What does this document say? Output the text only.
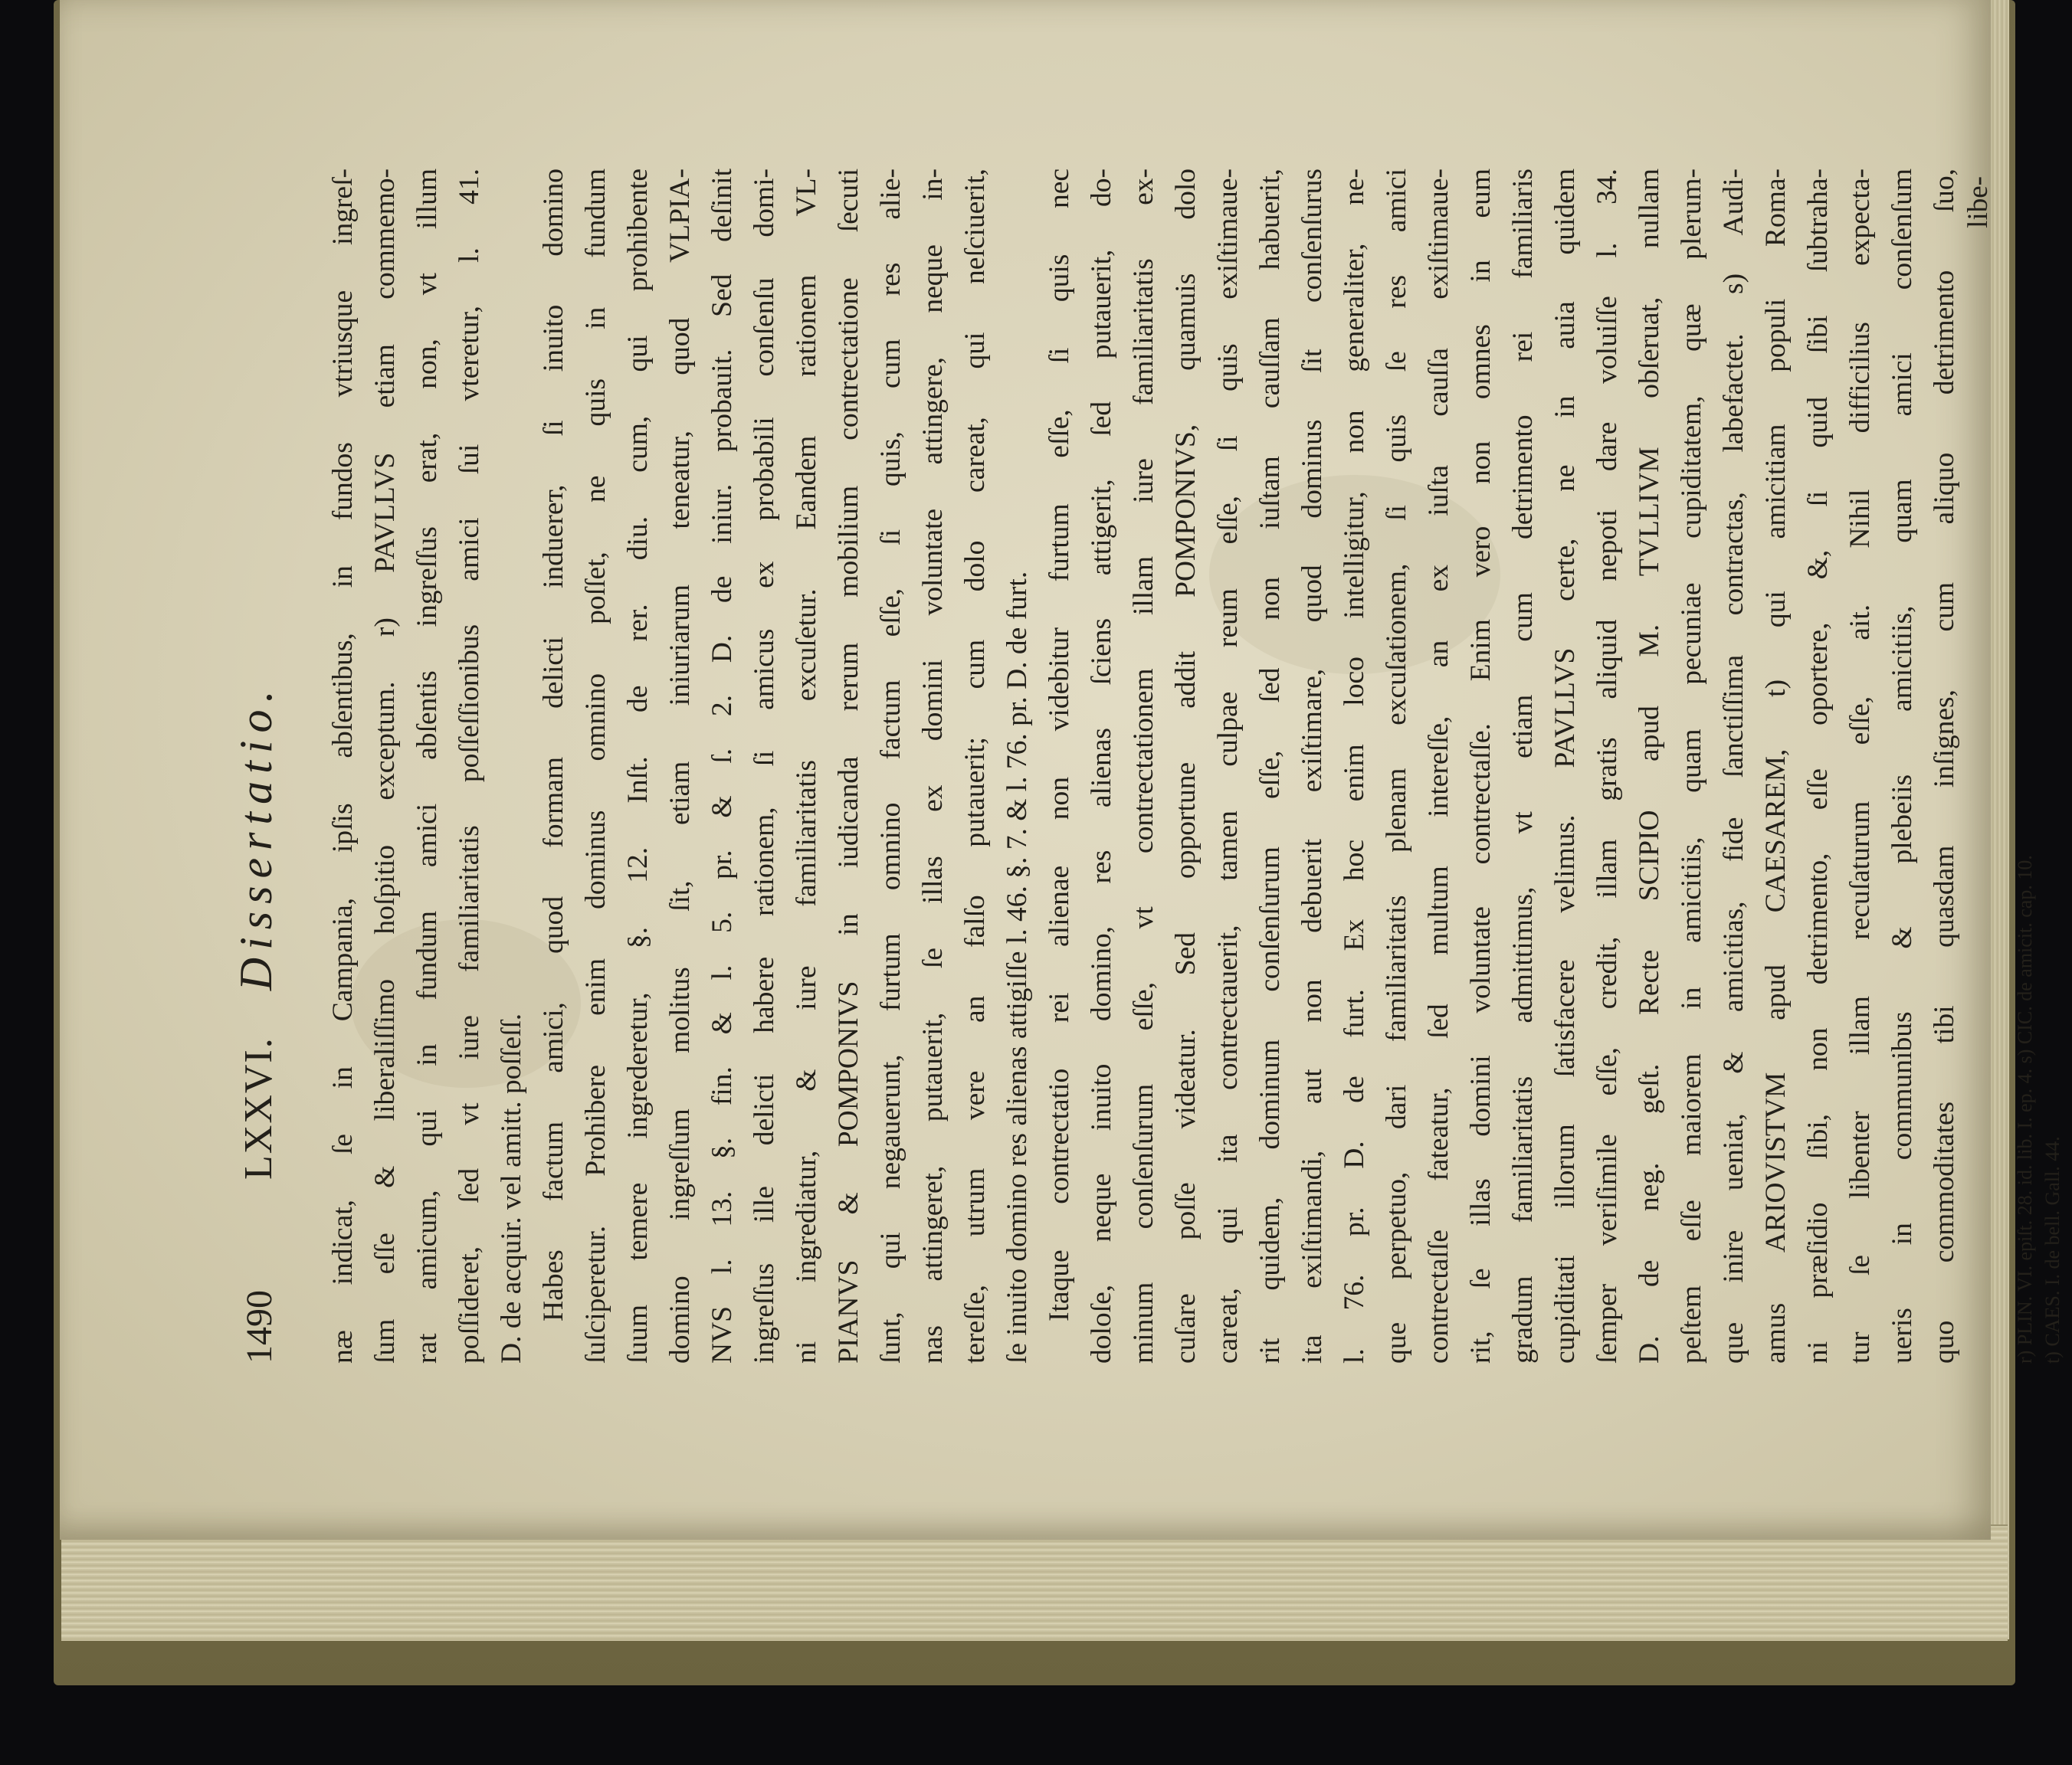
1490
LXXVI.
Dissertatio. næ indicat, ſe in Campania, ipſis abſentibus, in fundos vtriusque ingreſ- ſum eſſe & liberaliſſimo hoſpitio exceptum. r) PAVLLVS etiam commemo- rat amicum, qui in fundum amici abſentis ingreſſus erat, non, vt illum poſſideret, ſed vt iure familiaritatis poſſeſſionibus amici ſui vteretur, l. 41. D. de acquir. vel amitt. poſſeſſ. Habes factum amici, quod formam delicti induerет, ſi inuito domino ſuſciperetur. Prohibere enim dominus omnino poſſet, ne quis in fundum ſuum temere ingrederetur, §. 12. Inſt. de rer. diu. cum, qui prohibente domino ingreſſum molitus ſit, etiam iniuriarum teneatur, quod VLPIA- NVS l. 13. §. fin. & l. 5. pr. & ſ. 2. D. de iniur. probauit. Sed deſinit ingreſſus ille delicti habere rationem, ſi amicus ex probabili conſenſu domi- ni ingrediatur, & iure familiaritatis excuſetur. Eandem rationem VL- PIANVS & POMPONIVS in iudicanda rerum mobilium contrectatione ſecuti ſunt, qui negauerunt, furtum omnino factum eſſe, ſi quis, cum res alie- nas attingeret, putauerit, ſe illas ex domini voluntate attingere, neque in- tereſſe, utrum vere an falſo putauerit; cum dolo careat, qui neſciuerit, ſe inuito domino res alienas attigiſſe l. 46. §. 7. & l. 76. pr. D. de furt. Itaque contrectatio rei alienae non videbitur furtum eſſe, ſi quis nec doloſe, neque inuito domino, res alienas ſciens attigerit, ſed putauerit, do- minum conſenſurum eſſe, vt contrectationem illam iure familiaritatis ex- cuſare poſſe videatur. Sed opportune addit POMPONIVS, quamuis dolo careat, qui ita contrectauerit, tamen culpae reum eſſe, ſi quis exiſtimaue- rit quidem, dominum conſenſurum eſſe, ſed non iuſtam cauſſam habuerit, ita exiſtimandi, aut non debuerit exiſtimare, quod dominus ſit conſenſurus l. 76. pr. D. de furt. Ex hoc enim loco intelligitur, non generaliter, ne- que perpetuo, dari familiaritatis plenam excuſationem, ſi quis ſe res amici contrectaſſe fateatur, ſed multum intereſſe, an ex iuſta cauſſa exiſtimaue- rit, ſe illas domini voluntate contrectaſſe. Enim vero non omnes in eum gradum familiaritatis admittimus, vt etiam cum detrimento rei familiaris cupiditati illorum ſatisfacere velimus. PAVLLVS certe, ne in auia quidem ſemper veriſimile eſſe, credit, illam gratis aliquid nepoti dare voluiſſe l. 34. D. de neg. geſt. Recte SCIPIO apud M. TVLLIVM obſeruat, nullam peſtem eſſe maiorem in amicitiis, quam pecuniae cupiditatem, quæ plerum- que inire ueniat, & amicitias, fide ſanctiſſima contractas, labefactet. s) Audi- amus ARIOVISTVM apud CAESAREM, t) qui amicitiam populi Roma- ni præſidio ſibi, non detrimento, eſſe oportere, &, ſi quid ſibi ſubtraha- tur ſe libenter illam recuſaturum eſſe, ait. Nihil difficilius expecta- ueris in communibus & plebeiis amicitiis, quam amici conſenſum quo commoditates tibi quasdam inſignes, cum aliquo detrimento ſuo, libe-
r) PLIN. VI. epiſt. 28. id. lib. I. ep. 4. s) CIC. de amicit. cap. 10. t) CAES. I. de bell. Gall. 44.
